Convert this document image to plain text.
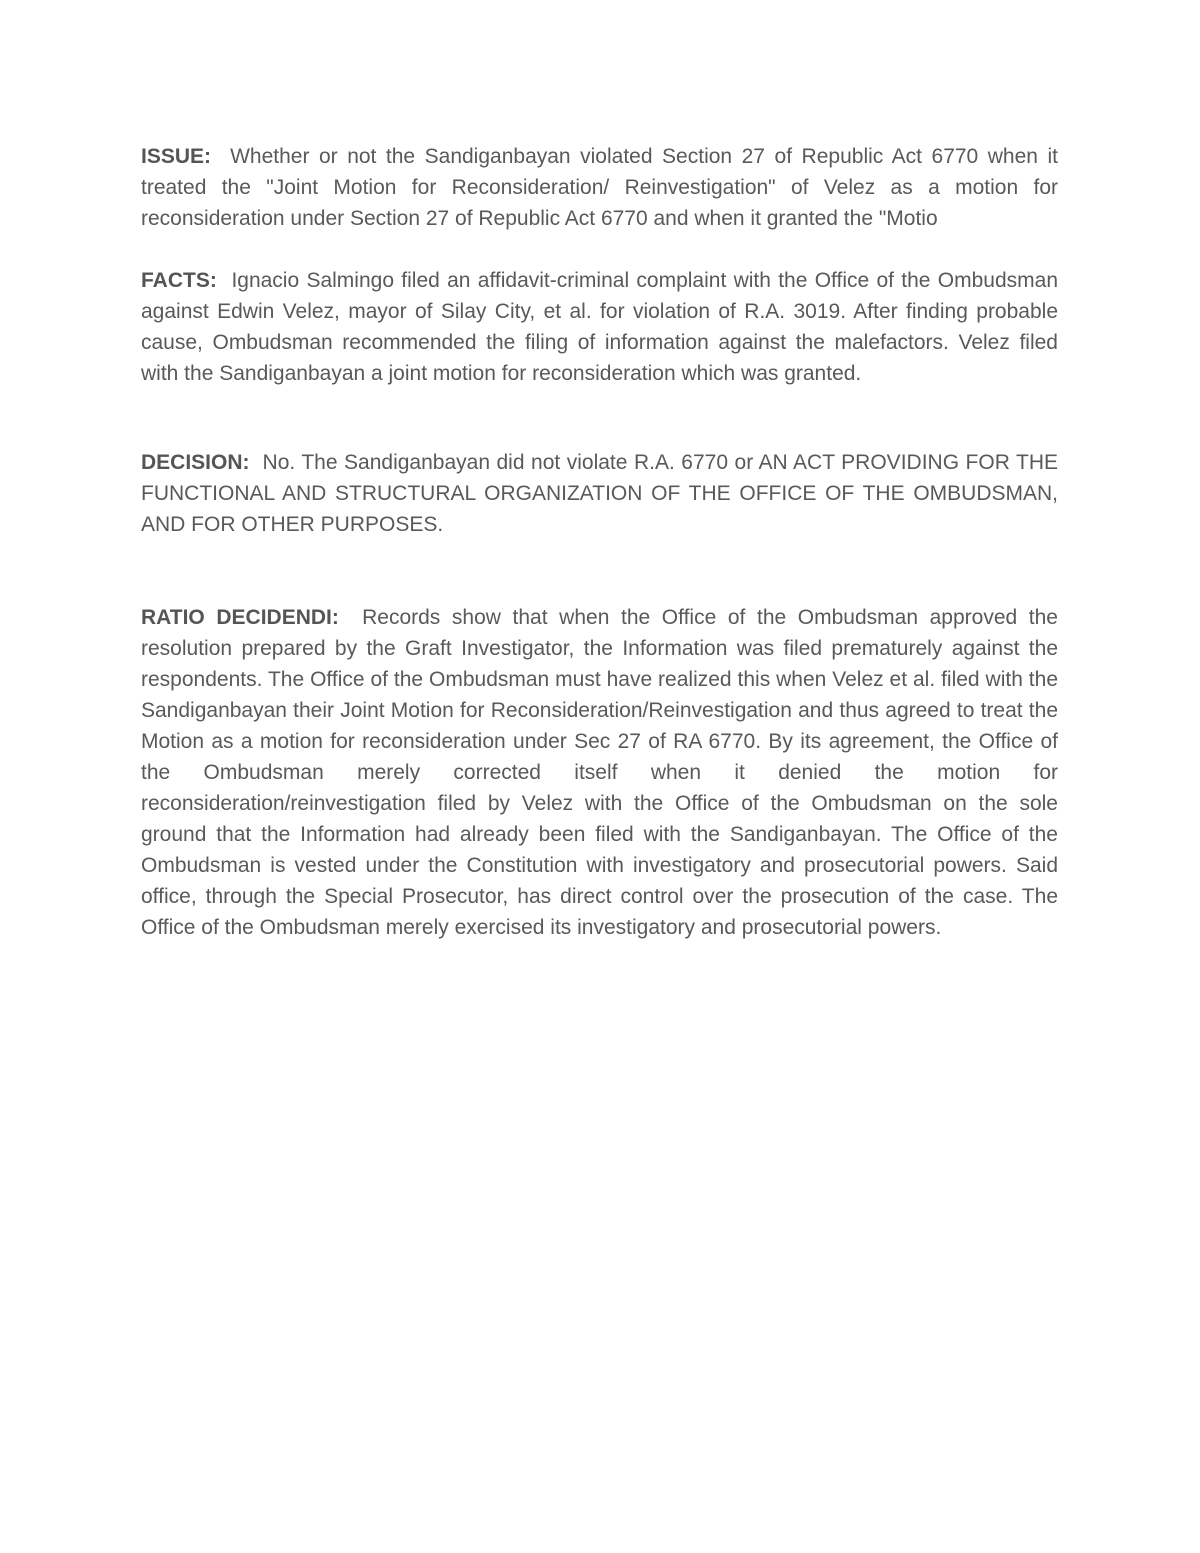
ISSUE: Whether or not the Sandiganbayan violated Section 27 of Republic Act 6770 when it treated the "Joint Motion for Reconsideration/ Reinvestigation" of Velez as a motion for reconsideration under Section 27 of Republic Act 6770 and when it granted the "Motio

FACTS: Ignacio Salmingo filed an affidavit-criminal complaint with the Office of the Ombudsman against Edwin Velez, mayor of Silay City, et al. for violation of R.A. 3019. After finding probable cause, Ombudsman recommended the filing of information against the malefactors. Velez filed with the Sandiganbayan a joint motion for reconsideration which was granted.

DECISION: No. The Sandiganbayan did not violate R.A. 6770 or AN ACT PROVIDING FOR THE FUNCTIONAL AND STRUCTURAL ORGANIZATION OF THE OFFICE OF THE OMBUDSMAN, AND FOR OTHER PURPOSES.

RATIO DECIDENDI: Records show that when the Office of the Ombudsman approved the resolution prepared by the Graft Investigator, the Information was filed prematurely against the respondents. The Office of the Ombudsman must have realized this when Velez et al. filed with the Sandiganbayan their Joint Motion for Reconsideration/Reinvestigation and thus agreed to treat the Motion as a motion for reconsideration under Sec 27 of RA 6770. By its agreement, the Office of the Ombudsman merely corrected itself when it denied the motion for reconsideration/reinvestigation filed by Velez with the Office of the Ombudsman on the sole ground that the Information had already been filed with the Sandiganbayan. The Office of the Ombudsman is vested under the Constitution with investigatory and prosecutorial powers. Said office, through the Special Prosecutor, has direct control over the prosecution of the case. The Office of the Ombudsman merely exercised its investigatory and prosecutorial powers.
